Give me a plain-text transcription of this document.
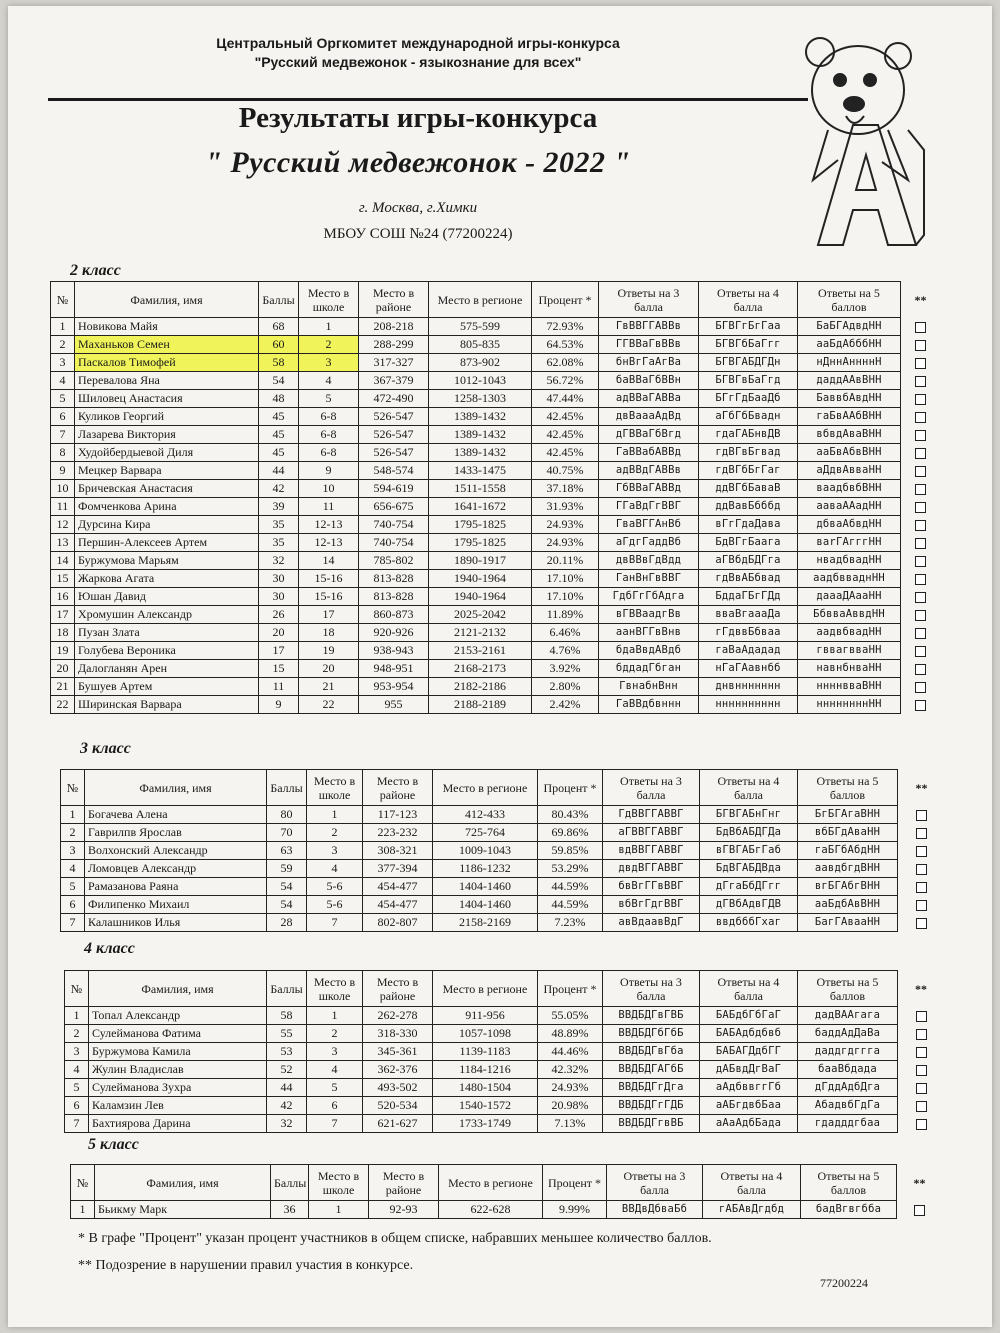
Центральный Оргкомитет международной игры-конкурса
"Русский медвежонок - языкознание для всех"
Результаты игры-конкурса
" Русский медвежонок - 2022 "
г. Москва, г.Химки
МБОУ СОШ №24 (77200224)
2 класс
№	Фамилия, имя	Баллы	Место в школе	Место в районе	Место в регионе	Процент *	Ответы на 3 балла	Ответы на 4 балла	Ответы на 5 баллов	**
1	Новикова Майя	68	1	208-218	575-599	72.93%	ГвВВГГАВВв	БГВГгБгГаа	БаБГАдвдНН	
2	Маханьков Семен	60	2	288-299	805-835	64.53%	ГГВВаГвВВв	БГВГбБаГгг	ааБдАбббНН	
3	Паскалов Тимофей	58	3	317-327	873-902	62.08%	бнВгГаАгВа	БГВГАБДГДн	нДннАннннН	
4	Перевалова Яна	54	4	367-379	1012-1043	56.72%	баВВаГбВВн	БГВГвБаГгд	даддААвВНН	
5	Шиловец Анастасия	48	5	472-490	1258-1303	47.44%	адВВаГАВВа	БГгГдБааДб	БаввбАвдНН	
6	Куликов Георгий	45	6-8	526-547	1389-1432	42.45%	двВаааАдВд	аГбГбБвадн	гаБвААбВНН	
7	Лазарева Виктория	45	6-8	526-547	1389-1432	42.45%	дГВВаГбВгд	гдаГАБнвДВ	вбвдАваВНН	
8	Худойбердыевой Диля	45	6-8	526-547	1389-1432	42.45%	ГаВВабАВВд	гдВГвБгвад	ааБвАбвВНН	
9	Мецкер Варвара	44	9	548-574	1433-1475	40.75%	адВВдГАВВв	гдВГбБгГаг	аДдвАвваНН	
10	Бричевская Анастасия	42	10	594-619	1511-1558	37.18%	ГбВВаГАВВд	ддВГбБаваВ	ваадбвбВНН	
11	Фомченкова Арина	39	11	656-675	1641-1672	31.93%	ГГаВдГгВВГ	ддВавБбббд	аавaААадНН	
12	Дурсина Кира	35	12-13	740-754	1795-1825	24.93%	ГваВГГАнВб	вГгГдаДава	дбваАбвдНН	
13	Першин-Алексеев Артем	35	12-13	740-754	1795-1825	24.93%	аГдгГаддВб	БдВГгБаага	ваrГАгггНН	
14	Буржумова Марьям	32	14	785-802	1890-1917	20.11%	двВВвГдВдд	аГВбдБДГга	нвадбвадНН	
15	Жаркова Агата	30	15-16	813-828	1940-1964	17.10%	ГанВнГвВВГ	гдВвАБбвад	аадбвваднНН	
16	Юшан Давид	30	15-16	813-828	1940-1964	17.10%	ГдбГгГбАдга	БддаГБгГДд	даааДАааНН	
17	Хромушин Александр	26	17	860-873	2025-2042	11.89%	вГВВаадгВв	вваВгаааДа	БбвваАввдНН	
18	Пузан Злата	20	18	920-926	2121-2132	6.46%	аанВГГвВнв	гГдввБбваа	аадвбвадНН	
19	Голубева Вероника	17	19	938-943	2153-2161	4.76%	бдаВвдАВдб	гаВаАдадад	гввагвваНН	
20	Далогланян Арен	15	20	948-951	2168-2173	3.92%	бддадГбган	нГаГАавнбб	навнбнваНН	
21	Бушуев Артем	11	21	953-954	2182-2186	2.80%	ГвнабнВнн	днвннннннн	ннннвваВНН	
22	Ширинская Варвара	9	22	955	2188-2189	2.42%	ГаВВдбвннн	нннннннннн	ннннннннНН	
3 класс
№	Фамилия, имя	Баллы	Место в школе	Место в районе	Место в регионе	Процент *	Ответы на 3 балла	Ответы на 4 балла	Ответы на 5 баллов	**
1	Богачева Алена	80	1	117-123	412-433	80.43%	ГдВВГГАВВГ	БГВГАБнГнг	БгБГАгаВНН	
2	Гаврилпв Ярослав	70	2	223-232	725-764	69.86%	аГВВГГАВВГ	БдВбАБДГДа	вбБГдАваНН	
3	Волхонский Александр	63	3	308-321	1009-1043	59.85%	вдВВГГАВВГ	вГВГАБгГаб	гаБГбАбдНН	
4	Ломовцев Александр	59	4	377-394	1186-1232	53.29%	двдВГГАВВГ	БдВГАБДВдa	аавдбгдВНН	
5	Рамазанова Раяна	54	5-6	454-477	1404-1460	44.59%	бвВгГГвВВГ	дГгаБбДГгг	вгБГАбгВНН	
6	Филипенко Михаил	54	5-6	454-477	1404-1460	44.59%	вбВгГдгВВГ	дГВбАдвГДВ	ааБдбАвВНН	
7	Калашников Илья	28	7	802-807	2158-2169	7.23%	авВдаавВдГ	ввдбббГхаг	БагГАваaНН	
4 класс
№	Фамилия, имя	Баллы	Место в школе	Место в районе	Место в регионе	Процент *	Ответы на 3 балла	Ответы на 4 балла	Ответы на 5 баллов	**
1	Топал Александр	58	1	262-278	911-956	55.05%	ВВДБДГвГВБ	БАБдбГбГаГ	дадВААгага	
2	Сулейманова Фатима	55	2	318-330	1057-1098	48.89%	ВВДБДГбГбБ	БАБАдбдбвб	баддАдДаВа	
3	Буржумова Камила	53	3	345-361	1139-1183	44.46%	ВВДБДГвГба	БАБАГДдбГГ	даддгдггга	
4	Жулин Владислав	52	4	362-376	1184-1216	42.32%	ВВДБДГАГбБ	дАБвдДгВаГ	бааВбдада	
5	Сулейманова Зухра	44	5	493-502	1480-1504	24.93%	ВВДБДГгДга	аАдбввггГб	дГддАдбДга	
6	Каламзин Лев	42	6	520-534	1540-1572	20.98%	ВВДБДГгГДБ	аАБгдвбБаа	АбадвбГдГа	
7	Бахтиярова Дарина	32	7	621-627	1733-1749	7.13%	ВВДБДГгвВБ	аАаАдбБада	гдадддгбаа	
5 класс
№	Фамилия, имя	Баллы	Место в школе	Место в районе	Место в регионе	Процент *	Ответы на 3 балла	Ответы на 4 балла	Ответы на 5 баллов	**
1	Бьикму Марк	36	1	92-93	622-628	9.99%	ВВДвДбваБб	гАБАвДгдбд	бадВгвгбба	
* В графе "Процент" указан процент участников в общем списке, набравших меньшее количество баллов.
** Подозрение в нарушении правил участия в конкурсе.
77200224
